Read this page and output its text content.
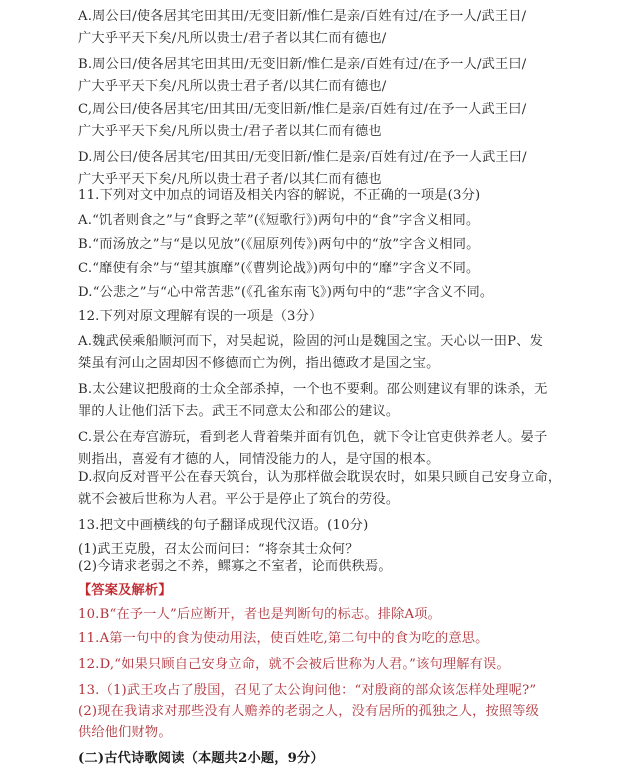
A.周公曰/使各居其宅田其田/无变旧新/惟仁是亲/百姓有过/在予一人/武王日/
广大乎平天下矣/凡所以贵士/君子者以其仁而有德也/
B.周公曰/使各居其宅田其田/无变旧新/惟仁是亲/百姓有过/在予一人/武王曰/
广大乎平天下矣/凡所以贵士君子者/以其仁而有德也/
C,周公曰/使各居其宅/田其田/无变旧新/惟仁是亲/百姓有过/在予一人武王曰/
广大乎平天下矣/凡所以贵士/君子者以其仁而有德也
D.周公曰/使各居其宅/田其田/无变旧新/惟仁是亲/百姓有过/在予一人武王曰/
广大乎平天下矣/凡所以贵士君子者/以其仁而有德也
11.下列对文中加点的词语及相关内容的解说，不正确的一项是(3分)
A.“饥者则食之”与“食野之苹”(《短歌行》)两句中的“食”字含义相同。
B.“而汤放之”与“是以见放”(《屈原列传》)两句中的“放”字含义相同。
C.“靡使有余”与“望其旗靡”(《曹刿论战》)两句中的“靡”字含义不同。
D.“公悲之”与“心中常苦悲”(《孔雀东南飞》)两句中的“悲”字含义不同。
12.下列对原文理解有误的一项是（3分）
A.魏武侯乘船顺河而下，对吴起说，险固的河山是魏国之宝。天心以一田P、发
桀虽有河山之固却因不修德而亡为例，指出德政才是国之宝。
B.太公建议把殷商的士众全部杀掉，一个也不要剩。邵公则建议有罪的诛杀，无
罪的人让他们活下去。武王不同意太公和邵公的建议。
C.景公在寿宫游玩，看到老人背着柴并面有饥色，就下令让官吏供养老人。晏子
则指出，喜爱有才德的人，同情没能力的人，是守国的根本。
D.叔向反对晋平公在春天筑台，认为那样做会耽误农时，如果只顾自己安身立命，
就不会被后世称为人君。平公于是停止了筑台的劳役。
13.把文中画横线的句子翻译成现代汉语。(10分)
(1)武王克殷，召太公而问曰：“将奈其士众何？
(2)今请求老弱之不养，鳏寡之不室者，论而供秩焉。
【答案及解析】
10.B“在予一人”后应断开，者也是判断句的标志。排除A项。
11.A第一句中的食为使动用法，使百姓吃,第二句中的食为吃的意思。
12.D,“如果只顾自己安身立命，就不会被后世称为人君。”该句理解有误。
13.（1)武王攻占了殷国，召见了太公询问他：“对殷商的部众该怎样处理呢?”
(2)现在我请求对那些没有人赡养的老弱之人，没有居所的孤独之人，按照等级
供给他们财物。
(二)古代诗歌阅读（本题共2小题，9分）
